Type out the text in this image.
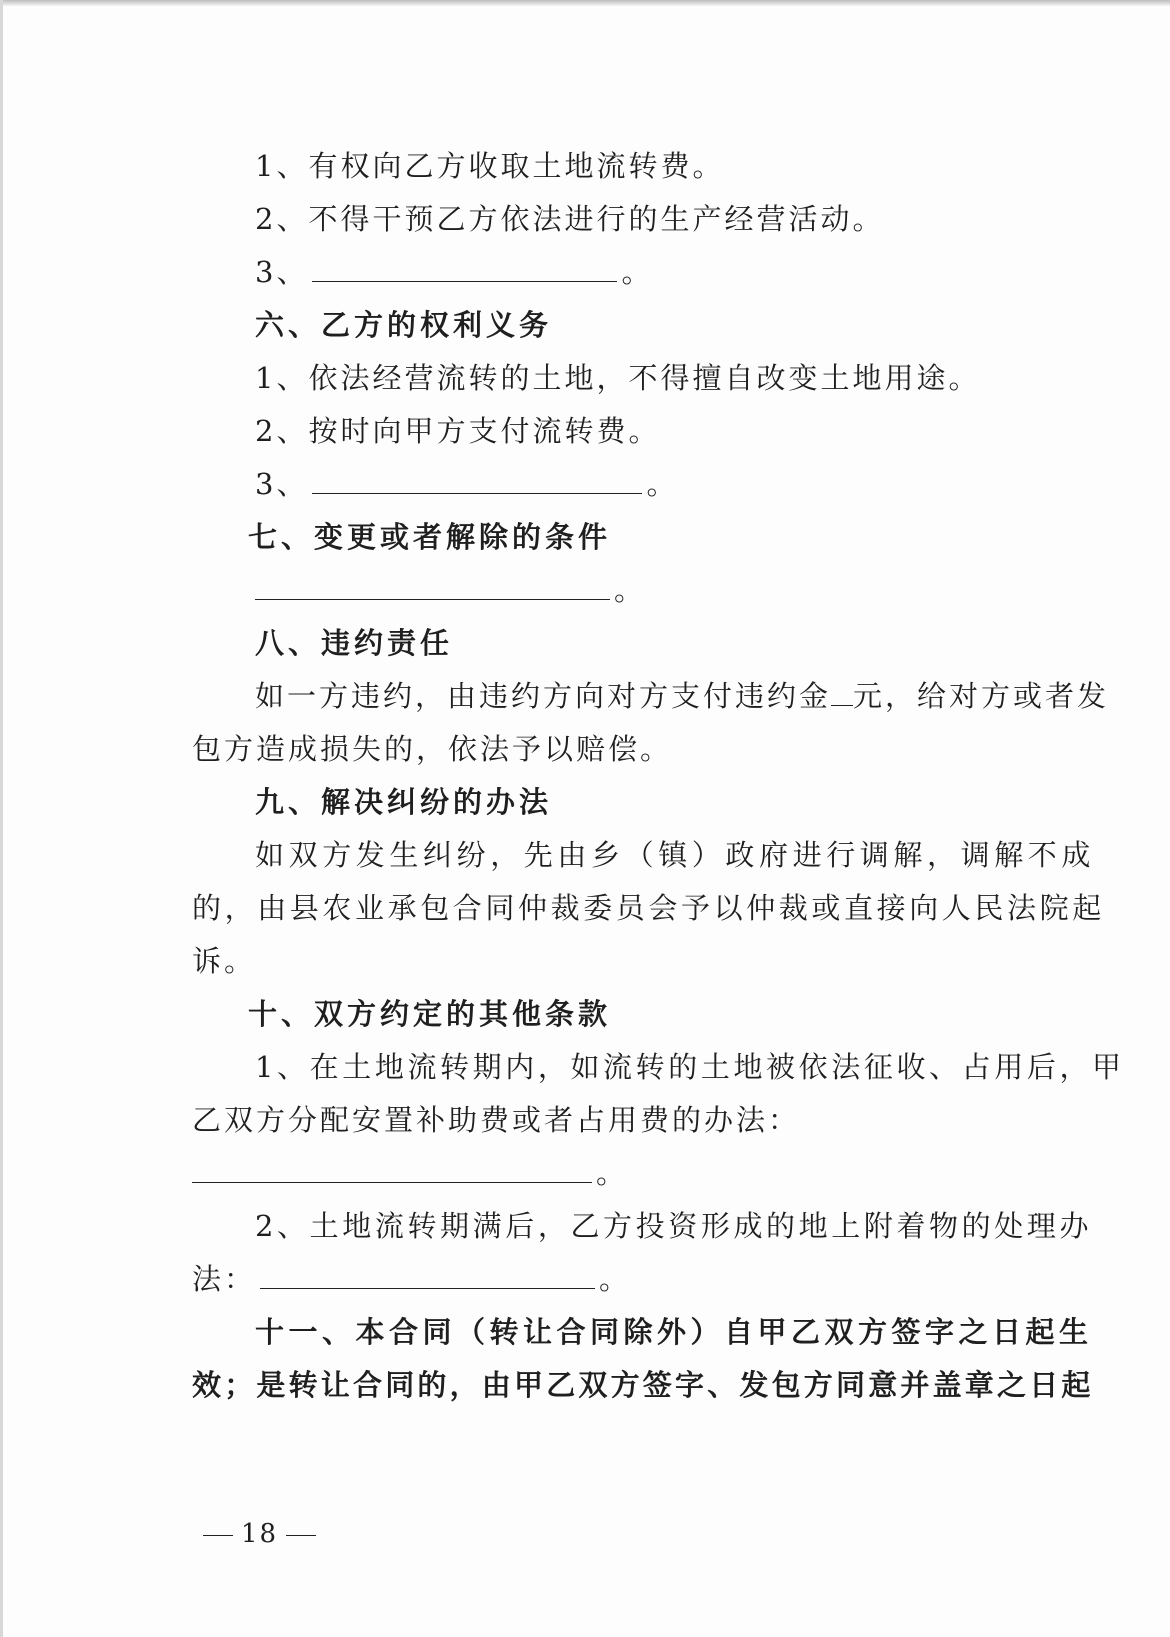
1、有权向乙方收取土地流转费。
2、不得干预乙方依法进行的生产经营活动。
3、	。
六、乙方的权利义务
1、依法经营流转的土地，不得擅自改变土地用途。
2、按时向甲方支付流转费。
3、	。
七、变更或者解除的条件
。
八、违约责任
如一方违约，由违约方向对方支付违约金 元，给对方或者发
包方造成损失的，依法予以赔偿。
九、解决纠纷的办法
如双方发生纠纷，先由乡（镇）政府进行调解，调解不成
的，由县农业承包合同仲裁委员会予以仲裁或直接向人民法院起
诉。
十、双方约定的其他条款
1、在土地流转期内，如流转的土地被依法征收、占用后，甲
乙双方分配安置补助费或者占用费的办法：
。
2、土地流转期满后，乙方投资形成的地上附着物的处理办
法：	。
十一、本合同（转让合同除外）自甲乙双方签字之日起生
效；是转让合同的，由甲乙双方签字、发包方同意并盖章之日起
18
